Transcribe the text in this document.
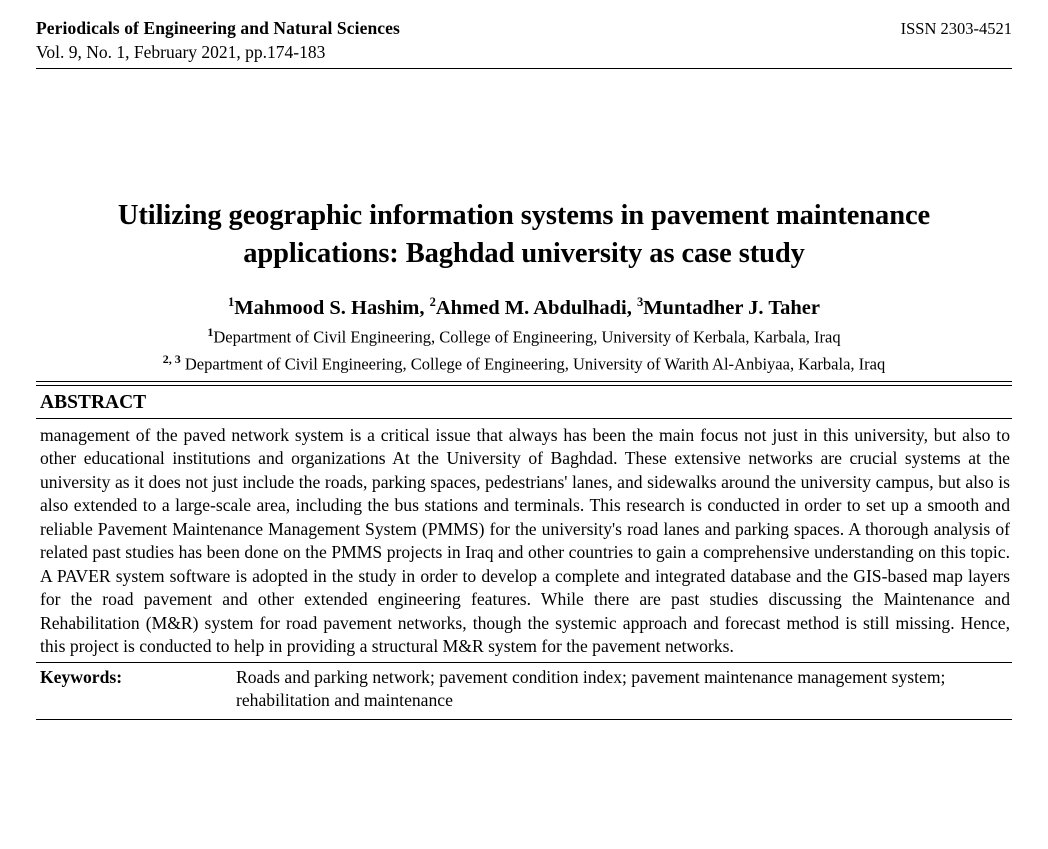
Periodicals of Engineering and Natural Sciences	ISSN 2303-4521
Vol. 9, No. 1, February 2021, pp.174-183
Utilizing geographic information systems in pavement maintenance applications: Baghdad university as case study
$^1$Mahmood S. Hashim, $^2$Ahmed M. Abdulhadi, $^3$Muntadher J. Taher
$^1$Department of Civil Engineering, College of Engineering, University of Kerbala, Karbala, Iraq
$^{2, 3}$ Department of Civil Engineering, College of Engineering, University of Warith Al-Anbiyaa, Karbala, Iraq
ABSTRACT
management of the paved network system is a critical issue that always has been the main focus not just in this university, but also to other educational institutions and organizations At the University of Baghdad. These extensive networks are crucial systems at the university as it does not just include the roads, parking spaces, pedestrians' lanes, and sidewalks around the university campus, but also is also extended to a large-scale area, including the bus stations and terminals. This research is conducted in order to set up a smooth and reliable Pavement Maintenance Management System (PMMS) for the university's road lanes and parking spaces. A thorough analysis of related past studies has been done on the PMMS projects in Iraq and other countries to gain a comprehensive understanding on this topic. A PAVER system software is adopted in the study in order to develop a complete and integrated database and the GIS-based map layers for the road pavement and other extended engineering features. While there are past studies discussing the Maintenance and Rehabilitation (M&R) system for road pavement networks, though the systemic approach and forecast method is still missing. Hence, this project is conducted to help in providing a structural M&R system for the pavement networks.
Keywords:	Roads and parking network; pavement condition index; pavement maintenance management system; rehabilitation and maintenance
